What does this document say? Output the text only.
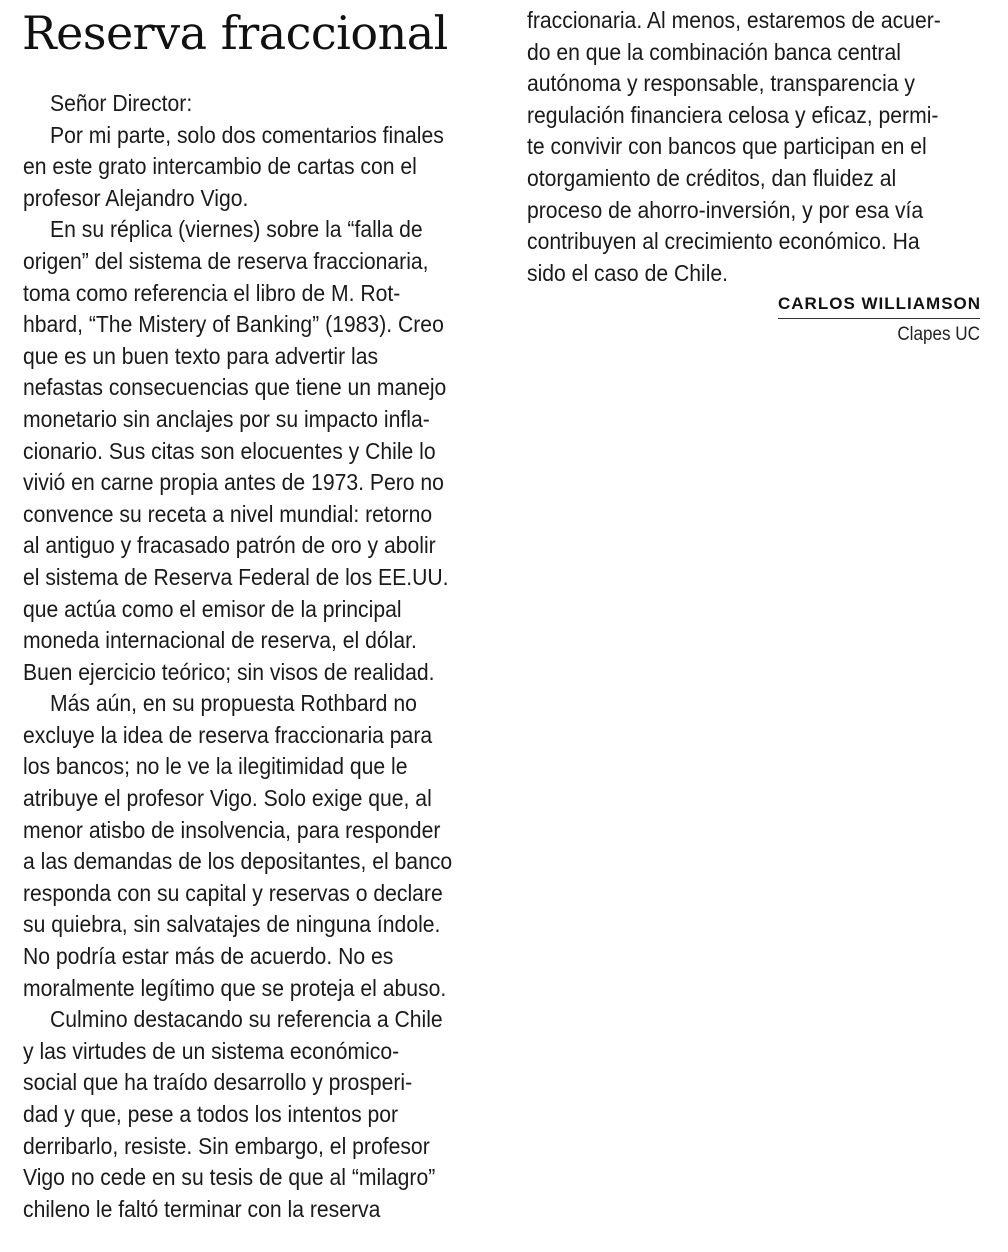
Reserva fraccional
Señor Director:
Por mi parte, solo dos comentarios finales
en este grato intercambio de cartas con el
profesor Alejandro Vigo.
En su réplica (viernes) sobre la “falla de
origen” del sistema de reserva fraccionaria,
toma como referencia el libro de M. Rot-
hbard, “The Mistery of Banking” (1983). Creo
que es un buen texto para advertir las
nefastas consecuencias que tiene un manejo
monetario sin anclajes por su impacto infla-
cionario. Sus citas son elocuentes y Chile lo
vivió en carne propia antes de 1973. Pero no
convence su receta a nivel mundial: retorno
al antiguo y fracasado patrón de oro y abolir
el sistema de Reserva Federal de los EE.UU.
que actúa como el emisor de la principal
moneda internacional de reserva, el dólar.
Buen ejercicio teórico; sin visos de realidad.
Más aún, en su propuesta Rothbard no
excluye la idea de reserva fraccionaria para
los bancos; no le ve la ilegitimidad que le
atribuye el profesor Vigo. Solo exige que, al
menor atisbo de insolvencia, para responder
a las demandas de los depositantes, el banco
responda con su capital y reservas o declare
su quiebra, sin salvatajes de ninguna índole.
No podría estar más de acuerdo. No es
moralmente legítimo que se proteja el abuso.
Culmino destacando su referencia a Chile
y las virtudes de un sistema económico-
social que ha traído desarrollo y prosperi-
dad y que, pese a todos los intentos por
derribarlo, resiste. Sin embargo, el profesor
Vigo no cede en su tesis de que al “milagro”
chileno le faltó terminar con la reserva
fraccionaria. Al menos, estaremos de acuer-
do en que la combinación banca central
autónoma y responsable, transparencia y
regulación financiera celosa y eficaz, permi-
te convivir con bancos que participan en el
otorgamiento de créditos, dan fluidez al
proceso de ahorro-inversión, y por esa vía
contribuyen al crecimiento económico. Ha
sido el caso de Chile.
CARLOS WILLIAMSON
Clapes UC
